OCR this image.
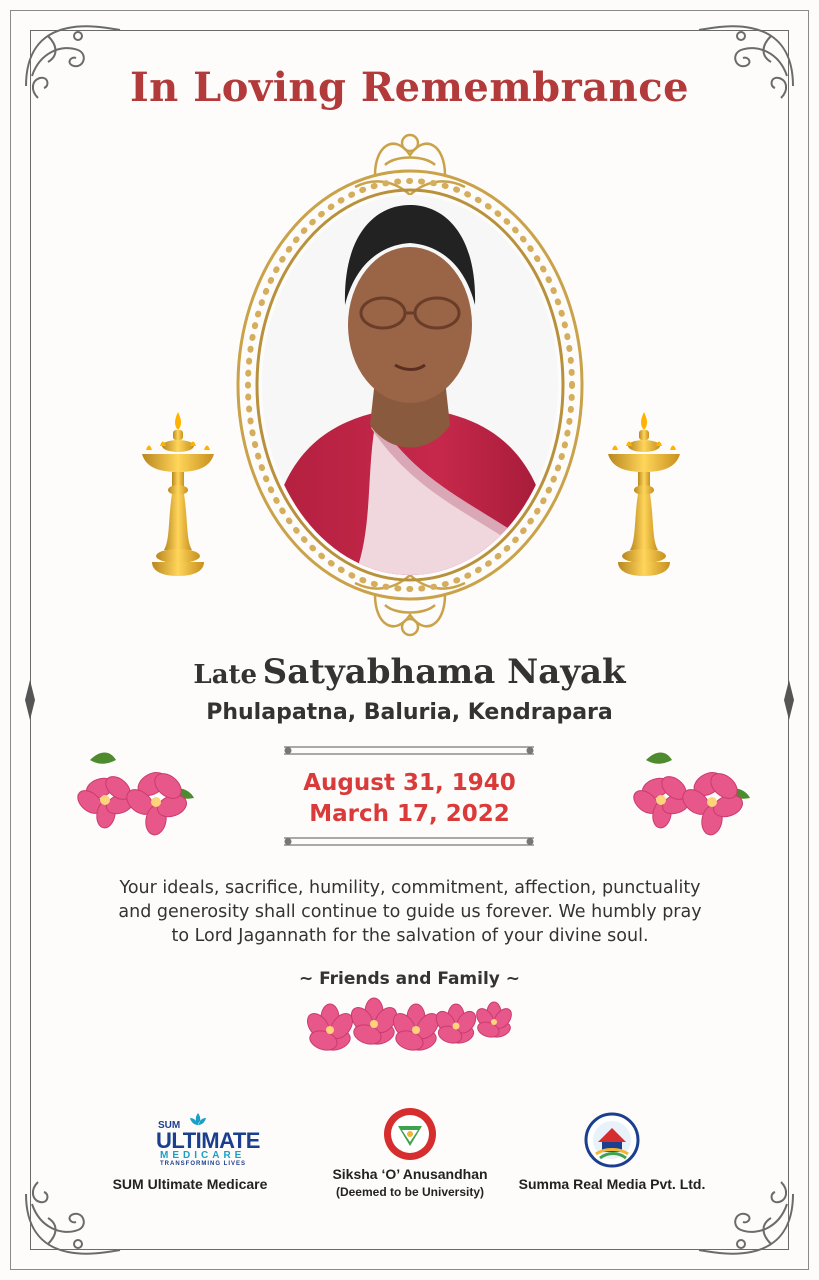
In Loving Remembrance
Late Satyabhama Nayak
Phulapatna, Baluria, Kendrapara
August 31, 1940
March 17, 2022
Your ideals, sacrifice, humility, commitment, affection, punctuality
and generosity shall continue to guide us forever. We humbly pray
to Lord Jagannath for the salvation of your divine soul.
~ Friends and Family ~
SUM
ULTIMATE
MEDICARE
TRANSFORMING LIVES
SUM Ultimate Medicare
Siksha ‘O’ Anusandhan
(Deemed to be University)	Summa Real Media Pvt. Ltd.
